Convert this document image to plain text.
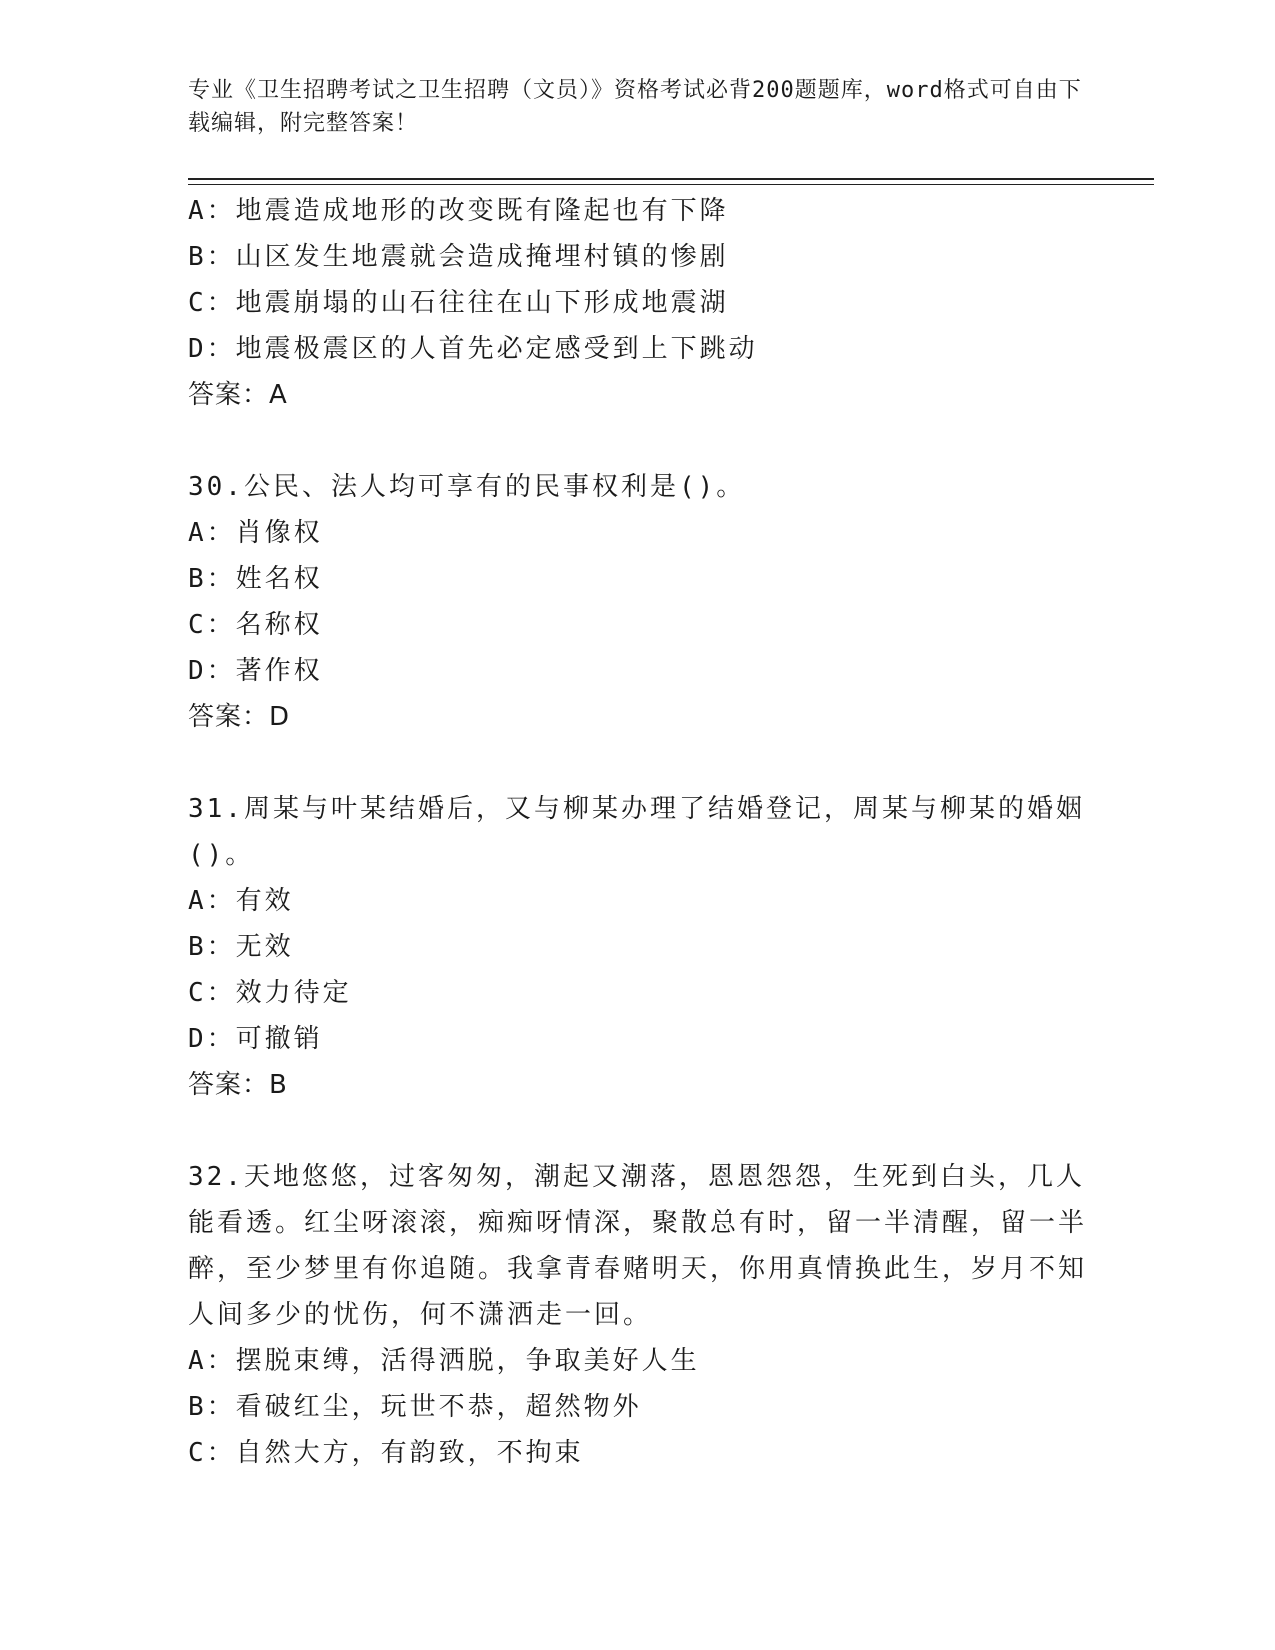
专业《卫生招聘考试之卫生招聘（文员）》资格考试必背200题题库，word格式可自由下载编辑，附完整答案！
A：地震造成地形的改变既有隆起也有下降
B：山区发生地震就会造成掩埋村镇的惨剧
C：地震崩塌的山石往往在山下形成地震湖
D：地震极震区的人首先必定感受到上下跳动
答案：A
30.公民、法人均可享有的民事权利是()。
A：肖像权
B：姓名权
C：名称权
D：著作权
答案：D
31.周某与叶某结婚后，又与柳某办理了结婚登记，周某与柳某的婚姻()。
A：有效
B：无效
C：效力待定
D：可撤销
答案：B
32.天地悠悠，过客匆匆，潮起又潮落，恩恩怨怨，生死到白头，几人能看透。红尘呀滚滚，痴痴呀情深，聚散总有时，留一半清醒，留一半醉，至少梦里有你追随。我拿青春赌明天，你用真情换此生，岁月不知人间多少的忧伤，何不潇洒走一回。
A：摆脱束缚，活得洒脱，争取美好人生
B：看破红尘，玩世不恭，超然物外
C：自然大方，有韵致，不拘束
